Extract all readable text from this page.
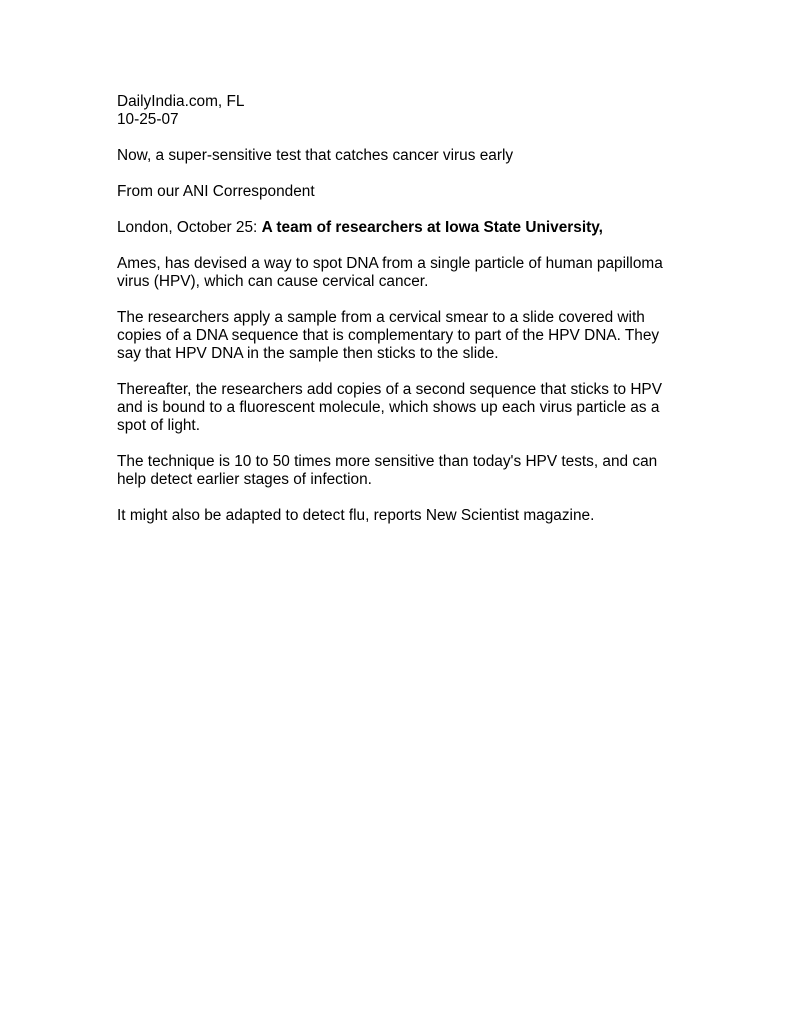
DailyIndia.com, FL
10-25-07

Now, a super-sensitive test that catches cancer virus early

From our ANI Correspondent

London, October 25: A team of researchers at Iowa State University,

Ames, has devised a way to spot DNA from a single particle of human papilloma
virus (HPV), which can cause cervical cancer.

The researchers apply a sample from a cervical smear to a slide covered with
copies of a DNA sequence that is complementary to part of the HPV DNA. They
say that HPV DNA in the sample then sticks to the slide.

Thereafter, the researchers add copies of a second sequence that sticks to HPV
and is bound to a fluorescent molecule, which shows up each virus particle as a
spot of light.

The technique is 10 to 50 times more sensitive than today's HPV tests, and can
help detect earlier stages of infection.

It might also be adapted to detect flu, reports New Scientist magazine.
